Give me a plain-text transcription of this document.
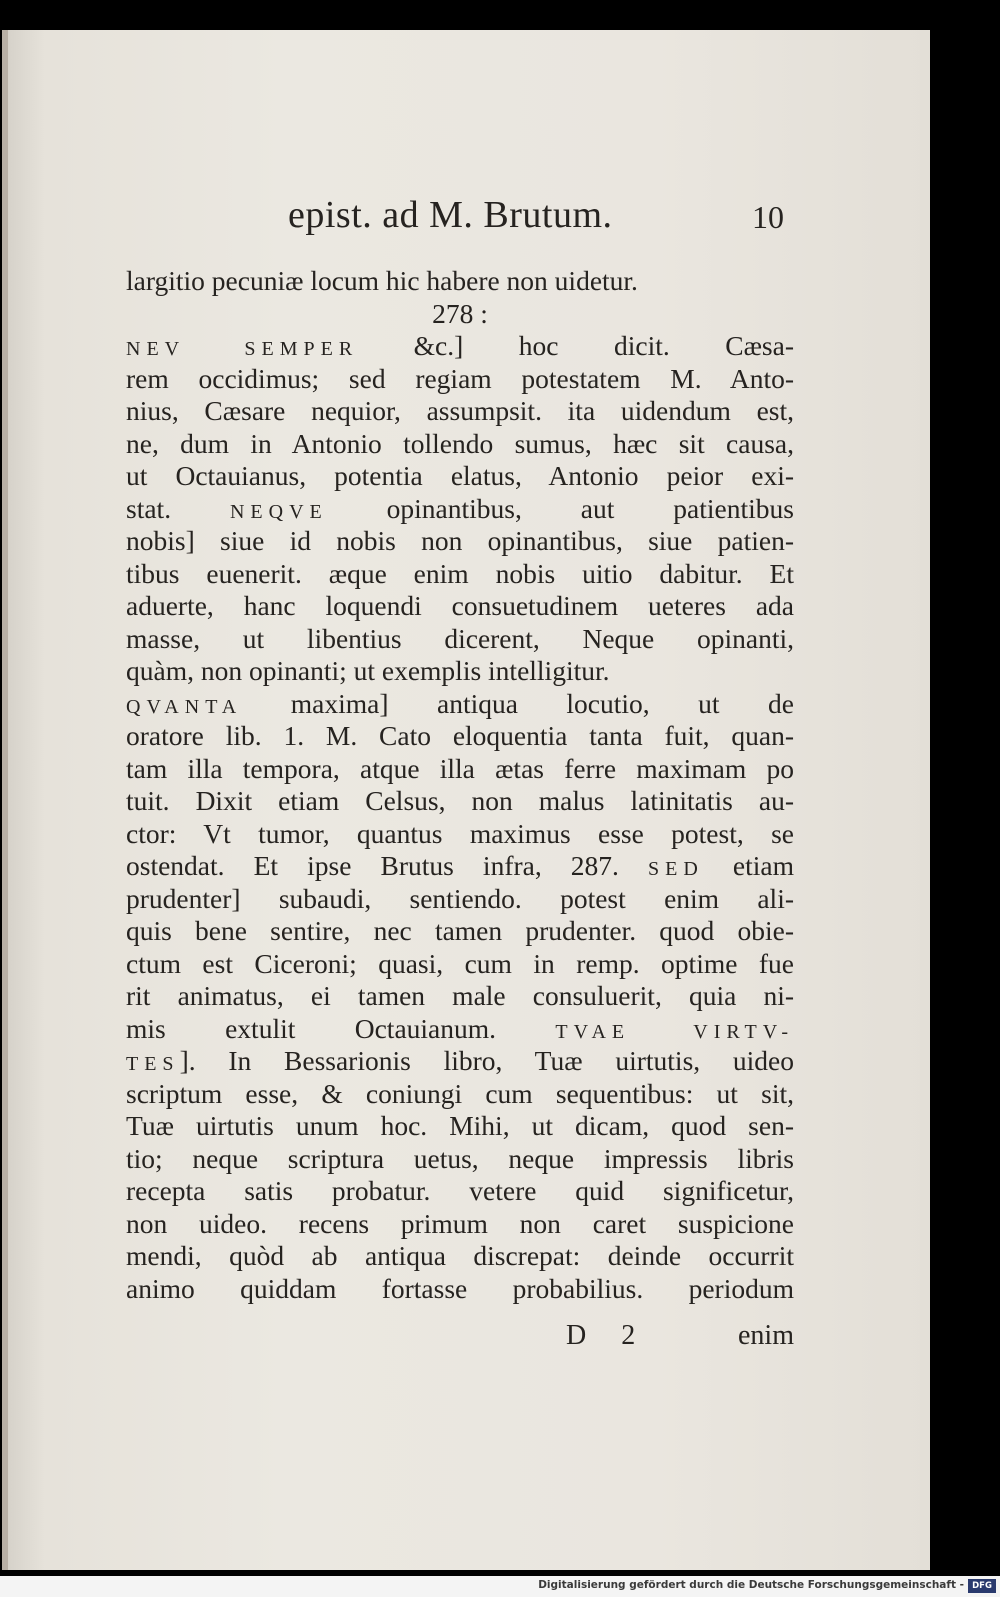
epist. ad M. Brutum.	10
largitio pecuniæ locum hic habere non uidetur.
278 :
NEV SEMPER &c.] hoc dicit. Cæsa-
rem occidimus; sed regiam potestatem M. Anto-
nius, Cæsare nequior, assumpsit. ita uidendum est,
ne, dum in Antonio tollendo sumus, hæc sit causa,
ut Octauianus, potentia elatus, Antonio peior exi-
stat. NEQVE opinantibus, aut patientibus
nobis] siue id nobis non opinantibus, siue patien-
tibus euenerit. æque enim nobis uitio dabitur. Et
aduerte, hanc loquendi consuetudinem ueteres ada
masse, ut libentius dicerent, Neque opinanti,
quàm, non opinanti; ut exemplis intelligitur.
QVANTA maxima] antiqua locutio, ut de
oratore lib. 1. M. Cato eloquentia tanta fuit, quan-
tam illa tempora, atque illa ætas ferre maximam po
tuit. Dixit etiam Celsus, non malus latinitatis au-
ctor: Vt tumor, quantus maximus esse potest, se
ostendat. Et ipse Brutus infra, 287. SED etiam
prudenter] subaudi, sentiendo. potest enim ali-
quis bene sentire, nec tamen prudenter. quod obie-
ctum est Ciceroni; quasi, cum in remp. optime fue
rit animatus, ei tamen male consuluerit, quia ni-
mis extulit Octauianum. TVAE VIRTV-
TES]. In Bessarionis libro, Tuæ uirtutis, uideo
scriptum esse, & coniungi cum sequentibus: ut sit,
Tuæ uirtutis unum hoc. Mihi, ut dicam, quod sen-
tio; neque scriptura uetus, neque impressis libris
recepta satis probatur. vetere quid significetur,
non uideo. recens primum non caret suspicione
mendi, quòd ab antiqua discrepat: deinde occurrit
animo quiddam fortasse probabilius. periodum
D 2	enim
Digitalisierung gefördert durch die Deutsche Forschungsgemeinschaft - DFG
